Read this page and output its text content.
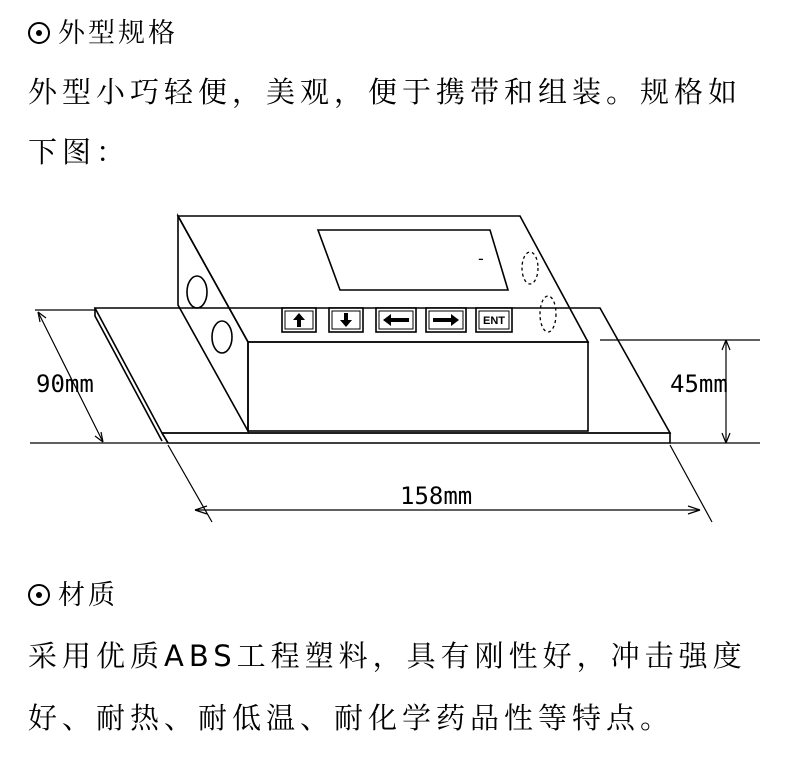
外型规格

外型小巧轻便，美观，便于携带和组装。规格如

下图：

-
ENT
90mm	45mm
158mm
材质

采用优质ABS工程塑料，具有刚性好，冲击强度

好、耐热、耐低温、耐化学药品性等特点。
